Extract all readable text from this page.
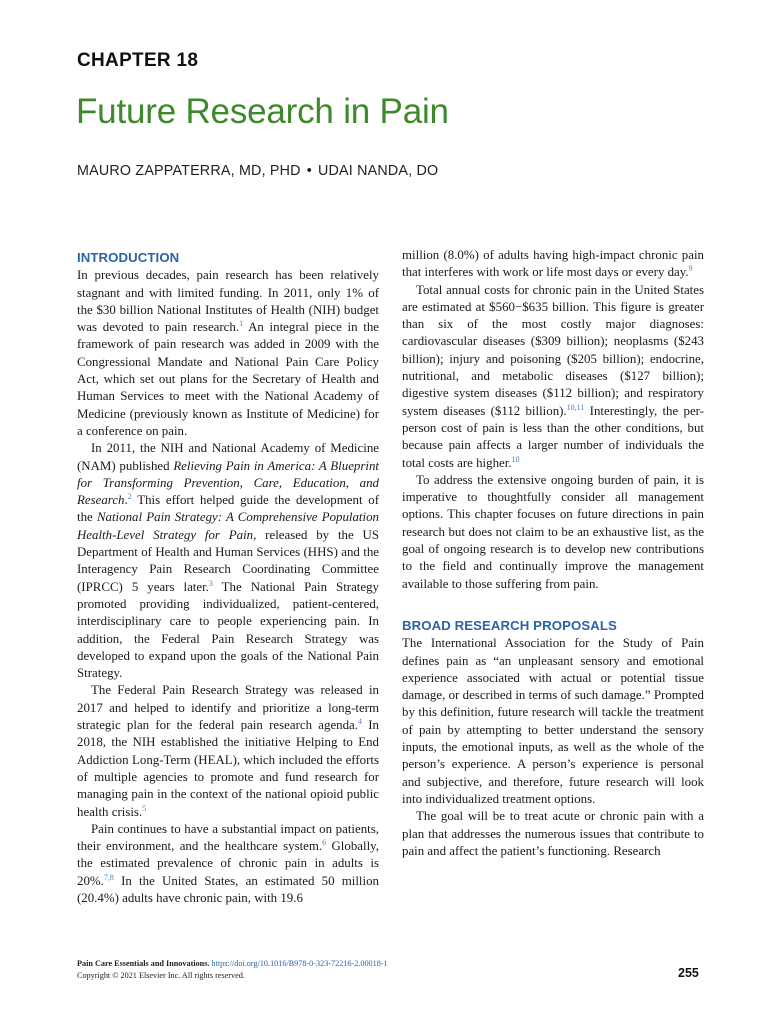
CHAPTER 18
Future Research in Pain
MAURO ZAPPATERRA, MD, PHD • UDAI NANDA, DO
INTRODUCTION

In previous decades, pain research has been relatively stagnant and with limited funding. In 2011, only 1% of the $30 billion National Institutes of Health (NIH) budget was devoted to pain research.$^1$ An integral piece in the framework of pain research was added in 2009 with the Congressional Mandate and National Pain Care Policy Act, which set out plans for the Secretary of Health and Human Services to meet with the National Academy of Medicine (previously known as Institute of Medicine) for a conference on pain.

In 2011, the NIH and National Academy of Medicine (NAM) published Relieving Pain in America: A Blueprint for Transforming Prevention, Care, Education, and Research.$^2$ This effort helped guide the development of the National Pain Strategy: A Comprehensive Population Health-Level Strategy for Pain, released by the US Department of Health and Human Services (HHS) and the Interagency Pain Research Coordinating Committee (IPRCC) 5 years later.$^3$ The National Pain Strategy promoted providing individualized, patient-centered, interdisciplinary care to people experiencing pain. In addition, the Federal Pain Research Strategy was developed to expand upon the goals of the National Pain Strategy.

The Federal Pain Research Strategy was released in 2017 and helped to identify and prioritize a long-term strategic plan for the federal pain research agenda.$^4$ In 2018, the NIH established the initiative Helping to End Addiction Long-Term (HEAL), which included the efforts of multiple agencies to promote and fund research for managing pain in the context of the national opioid public health crisis.$^5$

Pain continues to have a substantial impact on patients, their environment, and the healthcare system.$^6$ Globally, the estimated prevalence of chronic pain in adults is 20%.$^{7,8}$ In the United States, an estimated 50 million (20.4%) adults have chronic pain, with 19.6

million (8.0%) of adults having high-impact chronic pain that interferes with work or life most days or every day.$^9$

Total annual costs for chronic pain in the United States are estimated at $560−$635 billion. This figure is greater than six of the most costly major diagnoses: cardiovascular diseases ($309 billion); neoplasms ($243 billion); injury and poisoning ($205 billion); endocrine, nutritional, and metabolic diseases ($127 billion); digestive system diseases ($112 billion); and respiratory system diseases ($112 billion).$^{10,11}$ Interestingly, the per-person cost of pain is less than the other conditions, but because pain affects a larger number of individuals the total costs are higher.$^{10}$

To address the extensive ongoing burden of pain, it is imperative to thoughtfully consider all management options. This chapter focuses on future directions in pain research but does not claim to be an exhaustive list, as the goal of ongoing research is to develop new contributions to the field and continually improve the management available to those suffering from pain.

BROAD RESEARCH PROPOSALS

The International Association for the Study of Pain defines pain as “an unpleasant sensory and emotional experience associated with actual or potential tissue damage, or described in terms of such damage.” Prompted by this definition, future research will tackle the treatment of pain by attempting to better understand the sensory inputs, the emotional inputs, as well as the whole of the person’s experience. A person’s experience is personal and subjective, and therefore, future research will look into individualized treatment options.

The goal will be to treat acute or chronic pain with a plan that addresses the numerous issues that contribute to pain and affect the patient’s functioning. Research

Pain Care Essentials and Innovations. https://doi.org/10.1016/B978-0-323-72216-2.00018-1
Copyright © 2021 Elsevier Inc. All rights reserved.	255
